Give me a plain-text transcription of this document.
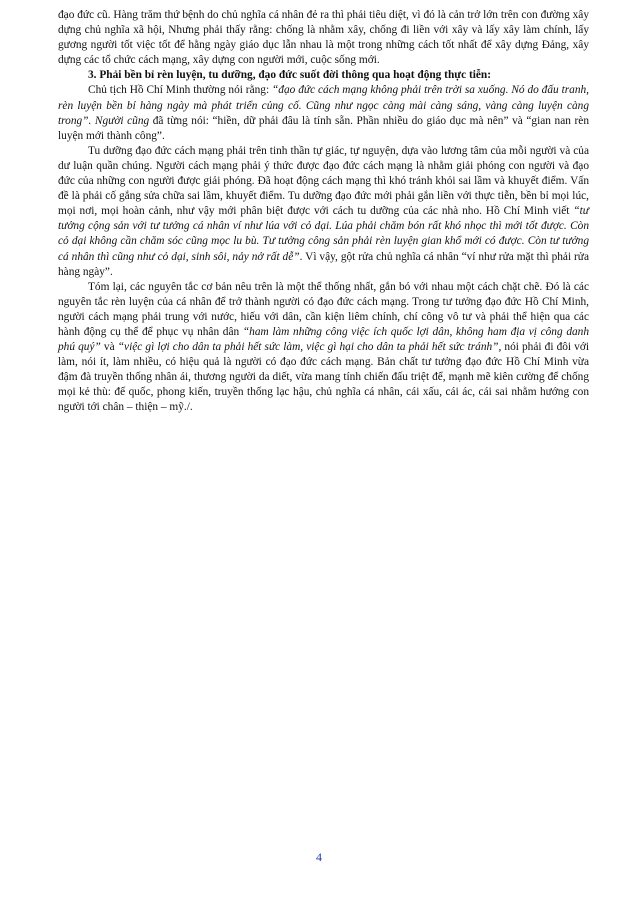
đạo đức cũ. Hàng trăm thứ bệnh do chủ nghĩa cá nhân đẻ ra thì phải tiêu diệt, vì đó là cản trở lớn trên con đường xây dựng chủ nghĩa xã hội, Nhưng phải thấy rằng: chống là nhằm xây, chống đi liền với xây và lấy xây làm chính, lấy gương người tốt việc tốt để hằng ngày giáo dục lẫn nhau là một trong những cách tốt nhất để xây dựng Đảng, xây dựng các tổ chức cách mạng, xây dựng con người mới, cuộc sống mới.

3. Phải bền bỉ rèn luyện, tu dưỡng, đạo đức suốt đời thông qua hoạt động thực tiễn:

Chủ tịch Hồ Chí Minh thường nói rằng: “đạo đức cách mạng không phải trên trời sa xuống. Nó do đấu tranh, rèn luyện bền bỉ hàng ngày mà phát triển củng cố. Cũng như ngọc càng mài càng sáng, vàng càng luyện càng trong”. Người cũng đã từng nói: “hiền, dữ phải đâu là tính sẵn. Phần nhiều do giáo dục mà nên” và “gian nan rèn luyện mới thành công”.

Tu dưỡng đạo đức cách mạng phải trên tinh thần tự giác, tự nguyện, dựa vào lương tâm của mỗi người và của dư luận quần chúng. Người cách mạng phải ý thức được đạo đức cách mạng là nhằm giải phóng con người và đạo đức của những con người được giải phóng. Đã hoạt động cách mạng thì khó tránh khỏi sai lầm và khuyết điểm. Vấn đề là phải cố gắng sửa chữa sai lầm, khuyết điểm. Tu dưỡng đạo đức mới phải gắn liền với thực tiễn, bền bỉ mọi lúc, mọi nơi, mọi hoàn cảnh, như vậy mới phân biệt được với cách tu dưỡng của các nhà nho. Hồ Chí Minh viết “tư tưởng cộng sản với tư tưởng cá nhân ví như lúa với cỏ dại. Lúa phải chăm bón rất khó nhọc thì mới tốt được. Còn cỏ dại không cần chăm sóc cũng mọc lu bù. Tư tưởng công sản phải rèn luyện gian khổ mới có được. Còn tư tưởng cá nhân thì cũng như cỏ dại, sinh sôi, nảy nở rất dễ”. Vì vậy, gột rửa chủ nghĩa cá nhân “ví như rửa mặt thì phải rửa hàng ngày”.

Tóm lại, các nguyên tắc cơ bản nêu trên là một thể thống nhất, gắn bó với nhau một cách chặt chẽ. Đó là các nguyên tắc rèn luyện của cá nhân để trở thành người có đạo đức cách mạng. Trong tư tưởng đạo đức Hồ Chí Minh, người cách mạng phải trung với nước, hiếu với dân, cần kiện liêm chính, chí công vô tư và phải thể hiện qua các hành động cụ thể để phục vụ nhân dân “ham làm những công việc ích quốc lợi dân, không ham địa vị công danh phú quý” và “việc gì lợi cho dân ta phải hết sức làm, việc gì hại cho dân ta phải hết sức tránh”, nói phải đi đôi với làm, nói ít, làm nhiều, có hiệu quả là người có đạo đức cách mạng. Bản chất tư tưởng đạo đức Hồ Chí Minh vừa đậm đà truyền thống nhân ái, thương người da diết, vừa mang tính chiến đấu triệt để, mạnh mẽ kiên cường để chống mọi kẻ thù: đế quốc, phong kiến, truyền thống lạc hậu, chủ nghĩa cá nhân, cái xấu, cái ác, cái sai nhằm hướng con người tới chân – thiện – mỹ./.

4
